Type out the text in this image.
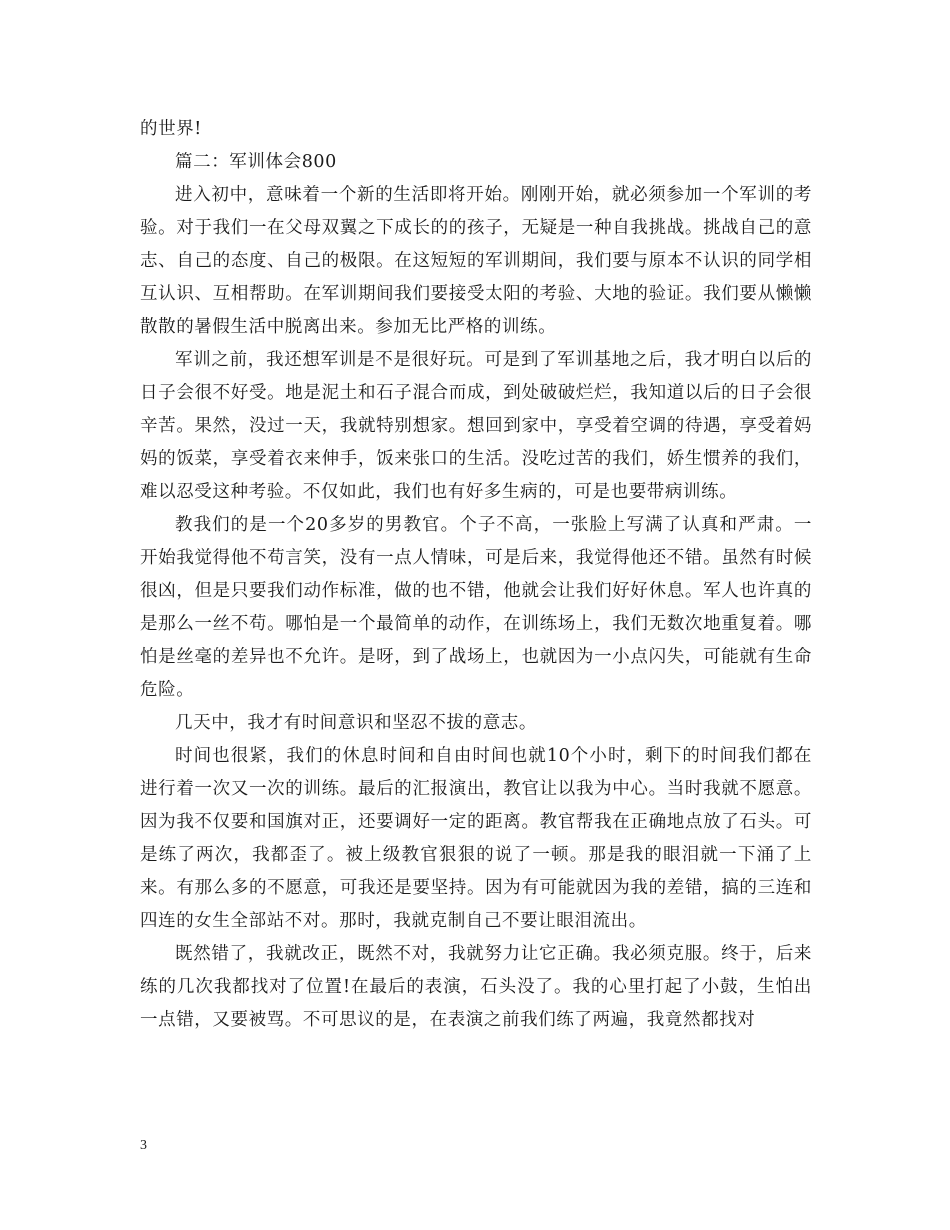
的世界!

篇二：军训体会800

进入初中，意味着一个新的生活即将开始。刚刚开始，就必须参加一个军训的考验。对于我们一在父母双翼之下成长的的孩子，无疑是一种自我挑战。挑战自己的意志、自己的态度、自己的极限。在这短短的军训期间，我们要与原本不认识的同学相互认识、互相帮助。在军训期间我们要接受太阳的考验、大地的验证。我们要从懒懒散散的暑假生活中脱离出来。参加无比严格的训练。

军训之前，我还想军训是不是很好玩。可是到了军训基地之后，我才明白以后的日子会很不好受。地是泥土和石子混合而成，到处破破烂烂，我知道以后的日子会很辛苦。果然，没过一天，我就特别想家。想回到家中，享受着空调的待遇，享受着妈妈的饭菜，享受着衣来伸手，饭来张口的生活。没吃过苦的我们，娇生惯养的我们，难以忍受这种考验。不仅如此，我们也有好多生病的，可是也要带病训练。

教我们的是一个20多岁的男教官。个子不高，一张脸上写满了认真和严肃。一开始我觉得他不苟言笑，没有一点人情味，可是后来，我觉得他还不错。虽然有时候很凶，但是只要我们动作标准，做的也不错，他就会让我们好好休息。军人也许真的是那么一丝不苟。哪怕是一个最简单的动作，在训练场上，我们无数次地重复着。哪怕是丝毫的差异也不允许。是呀，到了战场上，也就因为一小点闪失，可能就有生命危险。

几天中，我才有时间意识和坚忍不拔的意志。

时间也很紧，我们的休息时间和自由时间也就10个小时，剩下的时间我们都在进行着一次又一次的训练。最后的汇报演出，教官让以我为中心。当时我就不愿意。因为我不仅要和国旗对正，还要调好一定的距离。教官帮我在正确地点放了石头。可是练了两次，我都歪了。被上级教官狠狠的说了一顿。那是我的眼泪就一下涌了上来。有那么多的不愿意，可我还是要坚持。因为有可能就因为我的差错，搞的三连和四连的女生全部站不对。那时，我就克制自己不要让眼泪流出。

既然错了，我就改正，既然不对，我就努力让它正确。我必须克服。终于，后来练的几次我都找对了位置!在最后的表演，石头没了。我的心里打起了小鼓，生怕出一点错，又要被骂。不可思议的是，在表演之前我们练了两遍，我竟然都找对

3
